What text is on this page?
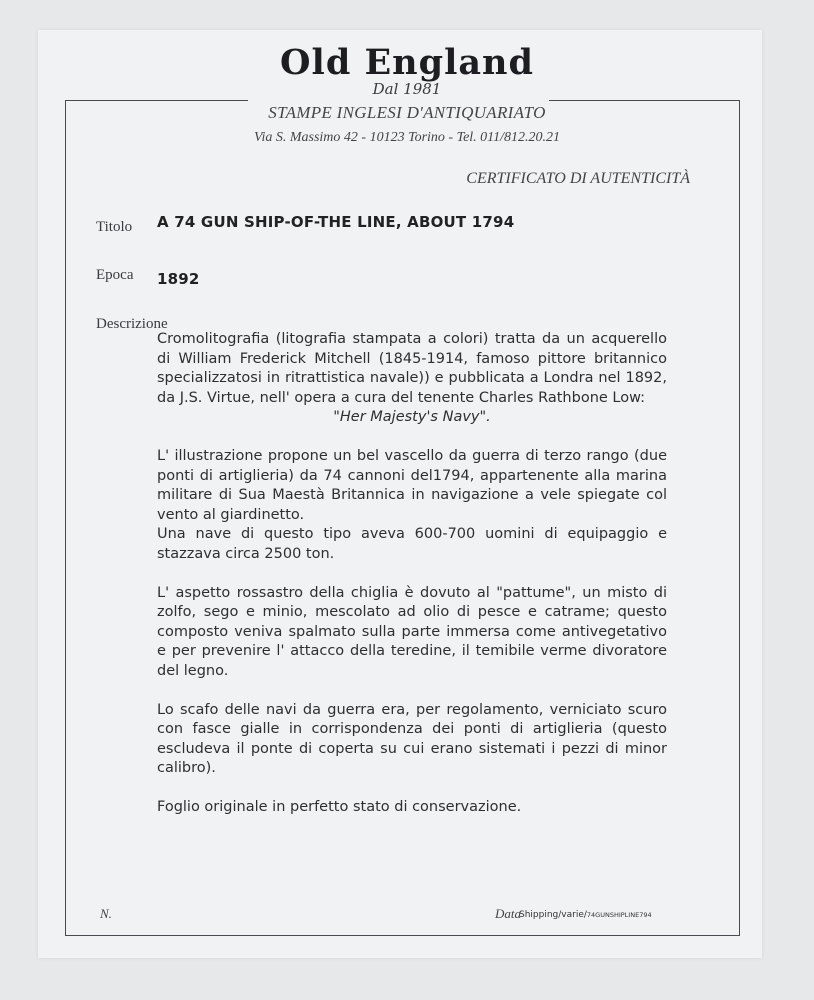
Old England
Dal 1981
STAMPE INGLESI D'ANTIQUARIATO
Via S. Massimo 42 - 10123 Torino - Tel. 011/812.20.21
CERTIFICATO DI AUTENTICITÀ
Titolo A 74 GUN SHIP-OF-THE LINE, ABOUT 1794
Epoca 1892
Descrizione
Cromolitografia (litografia stampata a colori) tratta da un acquerello di William Frederick Mitchell (1845-1914, famoso pittore britannico specializzatosi in ritrattistica navale)) e pubblicata a Londra nel 1892, da J.S. Virtue, nell' opera a cura del tenente Charles Rathbone Low:
"Her Majesty's Navy".
L' illustrazione propone un bel vascello da guerra di terzo rango (due ponti di artiglieria) da 74 cannoni del1794, appartenente alla marina militare di Sua Maestà Britannica in navigazione a vele spiegate col vento al giardinetto.

Una nave di questo tipo aveva 600-700 uomini di equipaggio e stazzava circa 2500 ton.

L' aspetto rossastro della chiglia è dovuto al "pattume", un misto di zolfo, sego e minio, mescolato ad olio di pesce e catrame; questo composto veniva spalmato sulla parte immersa come antivegetativo e per prevenire l' attacco della teredine, il temibile verme divoratore del legno.

Lo scafo delle navi da guerra era, per regolamento, verniciato scuro con fasce gialle in corrispondenza dei ponti di artiglieria (questo escludeva il ponte di coperta su cui erano sistemati i pezzi di minor calibro).

Foglio originale in perfetto stato di conservazione.

N.	Data
Shipping/varie/74GUNSHIPLINE794
